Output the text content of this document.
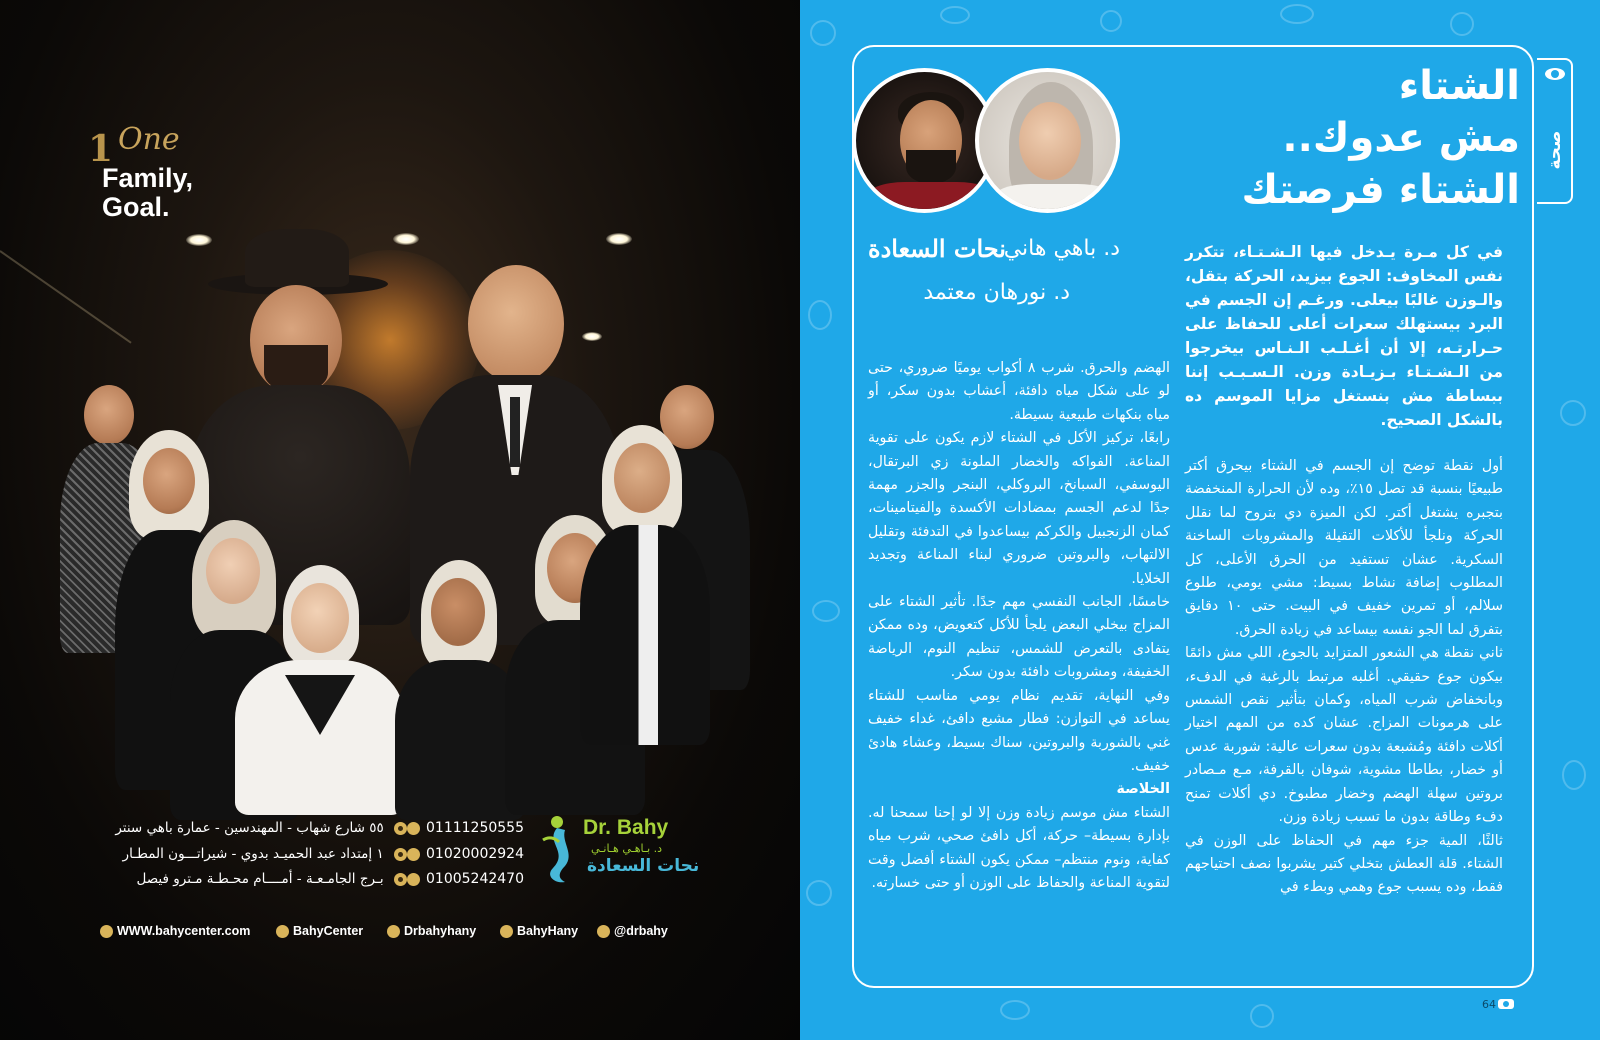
1 One
Family,
Goal.
٥٥ شارع شهاب - المهندسين - عمارة باهي سنتر
١ إمتداد عبد الحميـد بدوي - شيراتـــون المطـار
بـرج الجامـعـة - أمــــام محـطـة مـترو فيصل
01111250555
01020002924
01005242470
Dr. Bahy
د. بـاهـي هـانـي
نحات السعادة
WWW.bahycenter.com	BahyCenter	Drbahyhany	BahyHany	@drbahy
صحة
الشتاء
مش عدوك..
الشتاء فرصتك
د. باهي هاني
نحات السعادة
د. نورهان معتمد
في كل مـرة يـدخل فيها الـشـتـاء، تتكرر نفس المخاوف: الجوع بيزيد، الحركة بتقل، والـوزن غالبًا بيعلى. ورغـم إن الجسم في البرد بيستهلك سعرات أعلى للحفاظ على حـرارتـه، إلا أن أغـلـب الـنـاس بيخرجوا من الـشـتـاء بـزيـادة وزن. الـسـبـب إننا ببساطة مش بنستغل مزايا الموسم ده بالشكل الصحيح.

أول نقطة توضح إن الجسم في الشتاء بيحرق أكتر طبيعيًا بنسبة قد تصل ١٥٪، وده لأن الحرارة المنخفضة بتجبره يشتغل أكتر. لكن الميزة دي بتروح لما نقلل الحركة ونلجأ للأكلات التقيلة والمشروبات الساخنة السكرية. عشان تستفيد من الحرق الأعلى، كل المطلوب إضافة نشاط بسيط: مشي يومي، طلوع سلالم، أو تمرين خفيف في البيت. حتى ١٠ دقايق بتفرق لما الجو نفسه بيساعد في زيادة الحرق.

ثاني نقطة هي الشعور المتزايد بالجوع، اللي مش دائمًا بيكون جوع حقيقي. أغلبه مرتبط بالرغبة في الدفء، وبانخفاض شرب المياه، وكمان بتأثير نقص الشمس على هرمونات المزاج. عشان كده من المهم اختيار أكلات دافئة ومُشبعة بدون سعرات عالية: شوربة عدس أو خضار، بطاطا مشوية، شوفان بالقرفة، مـع مـصادر بروتين سهلة الهضم وخضار مطبوخ. دي أكلات تمنح دفء وطاقة بدون ما تسبب زيادة وزن.

ثالثًا، المية جزء مهم في الحفاظ على الوزن في الشتاء. قلة العطش بتخلي كتير يشربوا نصف احتياجهم فقط، وده يسبب جوع وهمي وبطء في

الهضم والحرق. شرب ٨ أكواب يوميًا ضروري، حتى لو على شكل مياه دافئة، أعشاب بدون سكر، أو مياه بنكهات طبيعية بسيطة.

رابعًا، تركيز الأكل في الشتاء لازم يكون على تقوية المناعة. الفواكه والخضار الملونة زي البرتقال، اليوسفي، السبانخ، البروكلي، البنجر والجزر مهمة جدًا لدعم الجسم بمضادات الأكسدة والفيتامينات، كمان الزنجبيل والكركم بيساعدوا في التدفئة وتقليل الالتهاب، والبروتين ضروري لبناء المناعة وتجديد الخلايا.

خامسًا، الجانب النفسي مهم جدًا. تأثير الشتاء على المزاج بيخلي البعض يلجأ للأكل كتعويض، وده ممكن يتفادى بالتعرض للشمس، تنظيم النوم، الرياضة الخفيفة، ومشروبات دافئة بدون سكر.

وفي النهاية، تقديم نظام يومي مناسب للشتاء يساعد في التوازن: فطار مشبع دافئ، غداء خفيف غني بالشوربة والبروتين، سناك بسيط، وعشاء هادئ خفيف.

الخلاصة

الشتاء مش موسم زيادة وزن إلا لو إحنا سمحنا له. بإدارة بسيطة– حركة، أكل دافئ صحي، شرب مياه كفاية، ونوم منتظم– ممكن يكون الشتاء أفضل وقت لتقوية المناعة والحفاظ على الوزن أو حتى خسارته.

64
